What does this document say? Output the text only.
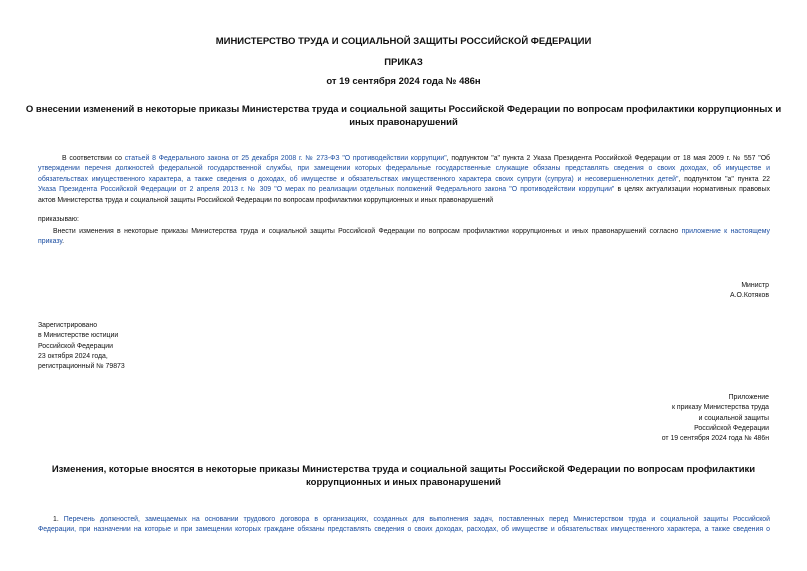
МИНИСТЕРСТВО ТРУДА И СОЦИАЛЬНОЙ ЗАЩИТЫ РОССИЙСКОЙ ФЕДЕРАЦИИ
ПРИКАЗ
от 19 сентября 2024 года № 486н
О внесении изменений в некоторые приказы Министерства труда и социальной защиты Российской Федерации по вопросам профилактики коррупционных и
иных правонарушений
В соответствии со статьей 8 Федерального закона от 25 декабря 2008 г. № 273-ФЗ "О противодействии коррупции", подпунктом "а" пункта 2 Указа Президента Российской Федерации от 18 мая 2009 г. № 557 "Об
утверждении перечня должностей федеральной государственной службы, при замещении которых федеральные государственные служащие обязаны представлять сведения о своих доходах, об имуществе и
обязательствах имущественного характера, а также сведения о доходах, об имуществе и обязательствах имущественного характера своих супруги (супруга) и несовершеннолетних детей", подпунктом "а" пункта 22
Указа Президента Российской Федерации от 2 апреля 2013 г. № 309 "О мерах по реализации отдельных положений Федерального закона "О противодействии коррупции" в целях актуализации нормативных правовых
актов Министерства труда и социальной защиты Российской Федерации по вопросам профилактики коррупционных и иных правонарушений
приказываю:
Внести изменения в некоторые приказы Министерства труда и социальной защиты Российской Федерации по вопросам профилактики коррупционных и иных правонарушений согласно приложение к настоящему
приказу.
Министр
А.О.Котяков
Зарегистрировано
в Министерстве юстиции
Российской Федерации
23 октября 2024 года,
регистрационный № 79873
Приложение
к приказу Министерства труда
и социальной защиты
Российской Федерации
от 19 сентября 2024 года № 486н
Изменения, которые вносятся в некоторые приказы Министерства труда и социальной защиты Российской Федерации по вопросам профилактики
коррупционных и иных правонарушений
1. Перечень должностей, замещаемых на основании трудового договора в организациях, созданных для выполнения задач, поставленных перед Министерством труда и социальной защиты Российской
Федерации, при назначении на которые и при замещении которых граждане обязаны представлять сведения о своих доходах, расходах, об имуществе и обязательствах имущественного характера, а также сведения о
